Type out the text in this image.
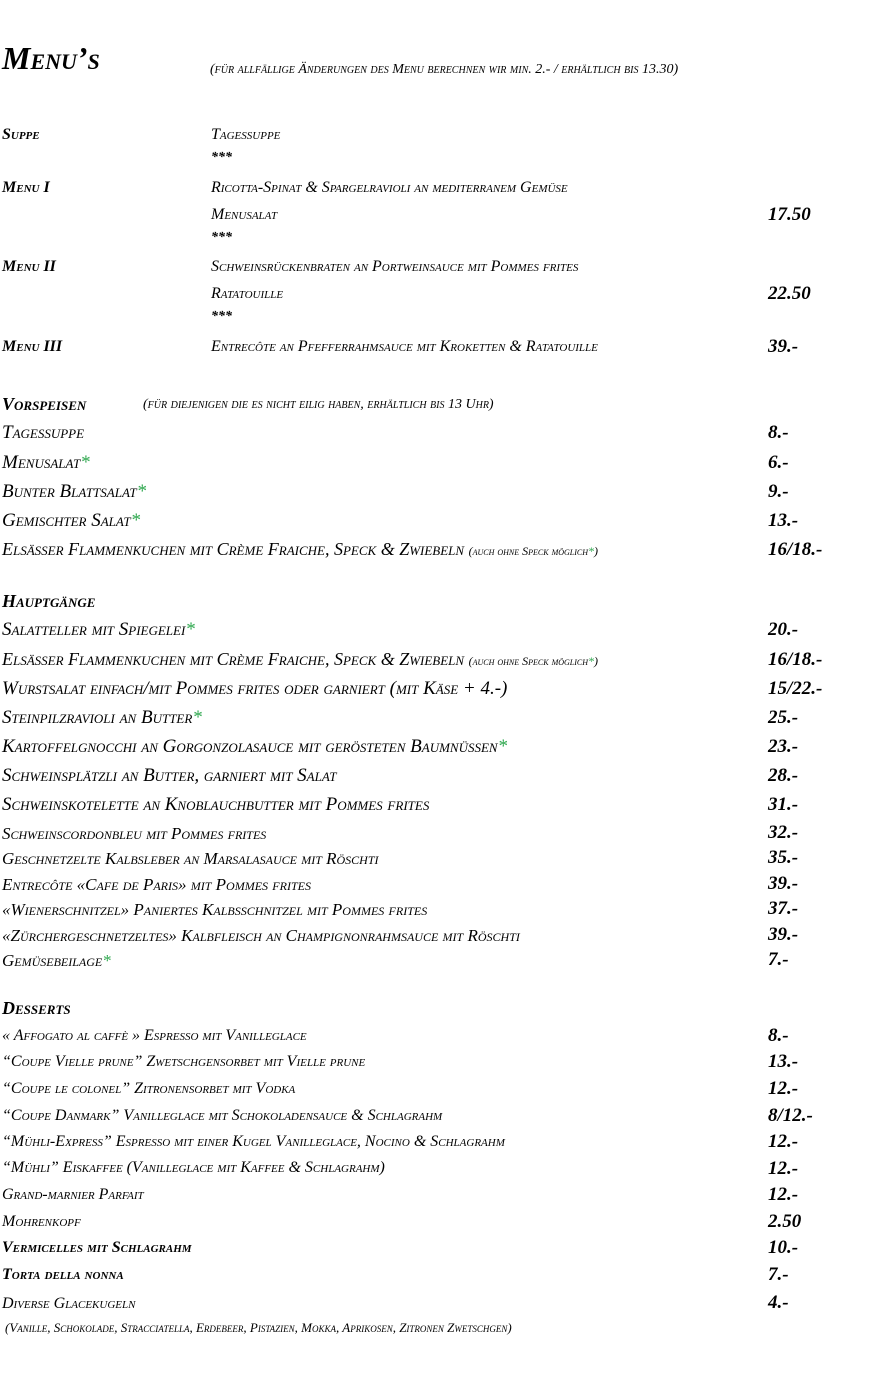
Menu’s	(für allfällige Änderungen des Menu berechnen wir min. 2.- / erhältlich bis 13.30)
Suppe	Tagessuppe
***
Menu I	Ricotta-Spinat & Spargelravioli an mediterranem Gemüse
Menusalat	17.50
***
Menu II	Schweinsrückenbraten an Portweinsauce mit Pommes frites
Ratatouille	22.50
***
Menu III	Entrecôte an Pfefferrahmsauce mit Kroketten & Ratatouille	39.-
Vorspeisen	(für diejenigen die es nicht eilig haben, erhältlich bis 13 Uhr)
Tagessuppe	8.-
Menusalat*	6.-
Bunter Blattsalat*	9.-
Gemischter Salat*	13.-
Elsässer Flammenkuchen mit Crème Fraiche, Speck & Zwiebeln (auch ohne Speck möglich*)	16/18.-
Hauptgänge
Salatteller mit Spiegelei*	20.-
Elsässer Flammenkuchen mit Crème Fraiche, Speck & Zwiebeln (auch ohne Speck möglich*)	16/18.-
Wurstsalat einfach/mit Pommes frites oder garniert (mit Käse + 4.-)	15/22.-
Steinpilzravioli an Butter*	25.-
Kartoffelgnocchi an Gorgonzolasauce mit gerösteten Baumnüssen*	23.-
Schweinsplätzli an Butter, garniert mit Salat	28.-
Schweinskotelette an Knoblauchbutter mit Pommes frites	31.-
Schweinscordonbleu mit Pommes frites	32.-
Geschnetzelte Kalbsleber an Marsalasauce mit Röschti	35.-
Entrecôte «Cafe de Paris» mit Pommes frites	39.-
«Wienerschnitzel» Paniertes Kalbsschnitzel mit Pommes frites	37.-
«Zürchergeschnetzeltes» Kalbfleisch an Champignonrahmsauce mit Röschti	39.-
Gemüsebeilage*	7.-
Desserts
« Affogato al caffè » Espresso mit Vanilleglace	8.-
“Coupe Vielle prune” Zwetschgensorbet mit Vielle prune	13.-
“Coupe le colonel” Zitronensorbet mit Vodka	12.-
“Coupe Danmark” Vanilleglace mit Schokoladensauce & Schlagrahm	8/12.-
“Mühli-Express” Espresso mit einer Kugel Vanilleglace, Nocino & Schlagrahm	12.-
“Mühli” Eiskaffee (Vanilleglace mit Kaffee & Schlagrahm)	12.-
Grand-marnier Parfait	12.-
Mohrenkopf	2.50
Vermicelles mit Schlagrahm	10.-
Torta della nonna	7.-
Diverse Glacekugeln	4.-
(Vanille, Schokolade, Stracciatella, Erdebeer, Pistazien, Mokka, Aprikosen, Zitronen Zwetschgen)
